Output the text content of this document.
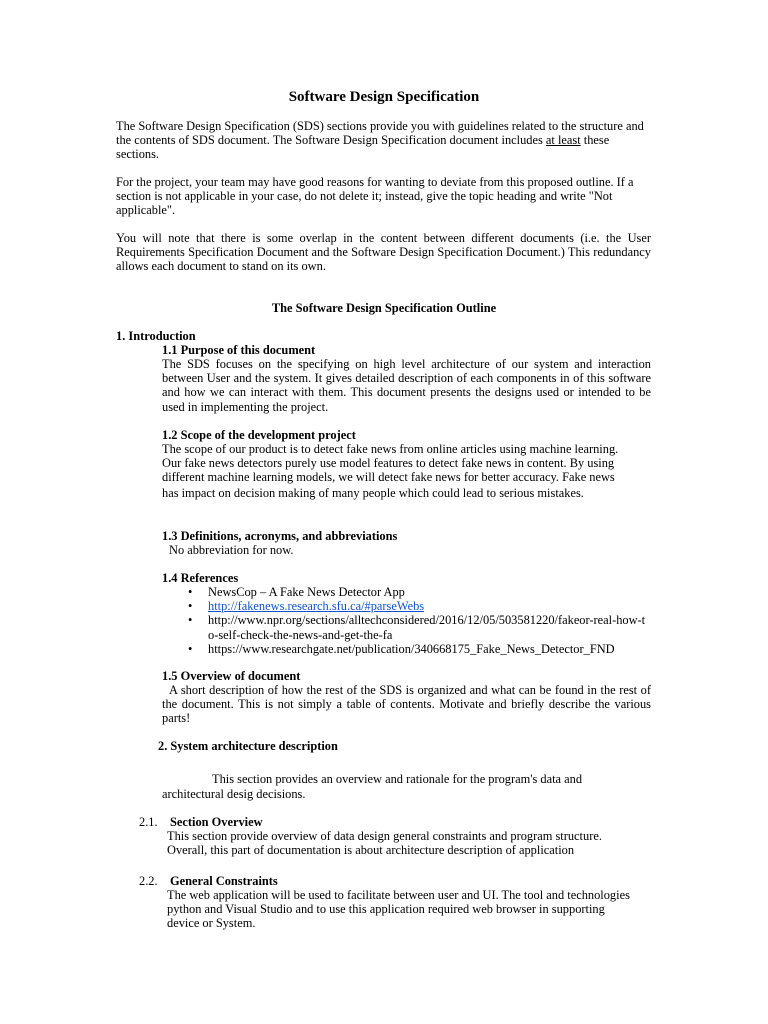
Software Design Specification
The Software Design Specification (SDS) sections provide you with guidelines related to the structure and the contents of SDS document. The Software Design Specification document includes at least these sections.
For the project, your team may have good reasons for wanting to deviate from this proposed outline. If a section is not applicable in your case, do not delete it; instead, give the topic heading and write "Not applicable".
You will note that there is some overlap in the content between different documents (i.e. the User Requirements Specification Document and the Software Design Specification Document.) This redundancy allows each document to stand on its own.
The Software Design Specification Outline
1. Introduction
1.1 Purpose of this document
The SDS focuses on the specifying on high level architecture of our system and interaction between User and the system. It gives detailed description of each components in of this software and how we can interact with them. This document presents the designs used or intended to be used in implementing the project.
1.2 Scope of the development project
The scope of our product is to detect fake news from online articles using machine learning.
Our fake news detectors purely use model features to detect fake news in content. By using
different machine learning models, we will detect fake news for better accuracy. Fake news
has impact on decision making of many people which could lead to serious mistakes.
1.3 Definitions, acronyms, and abbreviations
No abbreviation for now.
1.4 References
• NewsCop – A Fake News Detector App
• http://fakenews.research.sfu.ca/#parseWebs
• http://www.npr.org/sections/alltechconsidered/2016/12/05/503581220/fakeor-real-how-to-self-check-the-news-and-get-the-fa
• https://www.researchgate.net/publication/340668175_Fake_News_Detector_FND
1.5 Overview of document
A short description of how the rest of the SDS is organized and what can be found in the rest of the document. This is not simply a table of contents. Motivate and briefly describe the various parts!
2. System architecture description
This section provides an overview and rationale for the program's data and
architectural desig decisions.
2.1. Section Overview
This section provide overview of data design general constraints and program structure.
Overall, this part of documentation is about architecture description of application
2.2. General Constraints
The web application will be used to facilitate between user and UI. The tool and technologies
python and Visual Studio and to use this application required web browser in supporting
device or System.
